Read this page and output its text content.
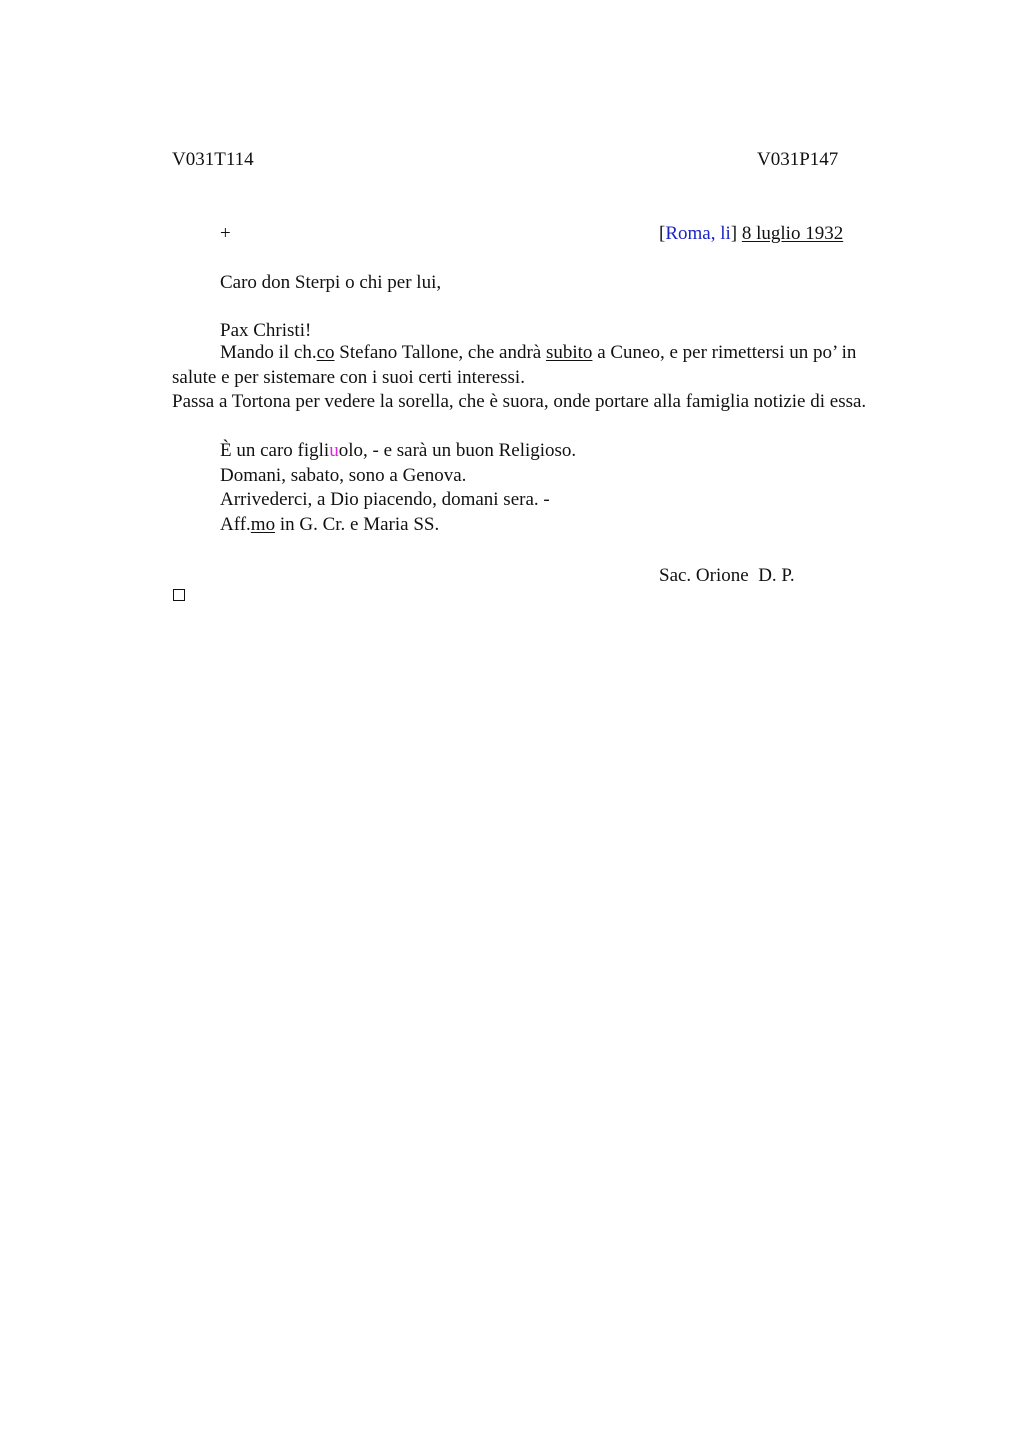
V031T114	V031P147
+	[Roma, li] 8 luglio 1932
Caro don Sterpi o chi per lui,
Pax Christi!
Mando il ch.co Stefano Tallone, che andrà subito a Cuneo, e per rimettersi un po’ in salute e per sistemare con i suoi certi interessi.
Passa a Tortona per vedere la sorella, che è suora, onde portare alla famiglia notizie di essa.
È un caro figliuolo, - e sarà un buon Religioso.
Domani, sabato, sono a Genova.
Arrivederci, a Dio piacendo, domani sera. -
Aff.mo in G. Cr. e Maria SS.
Sac. Orione  D. P.
